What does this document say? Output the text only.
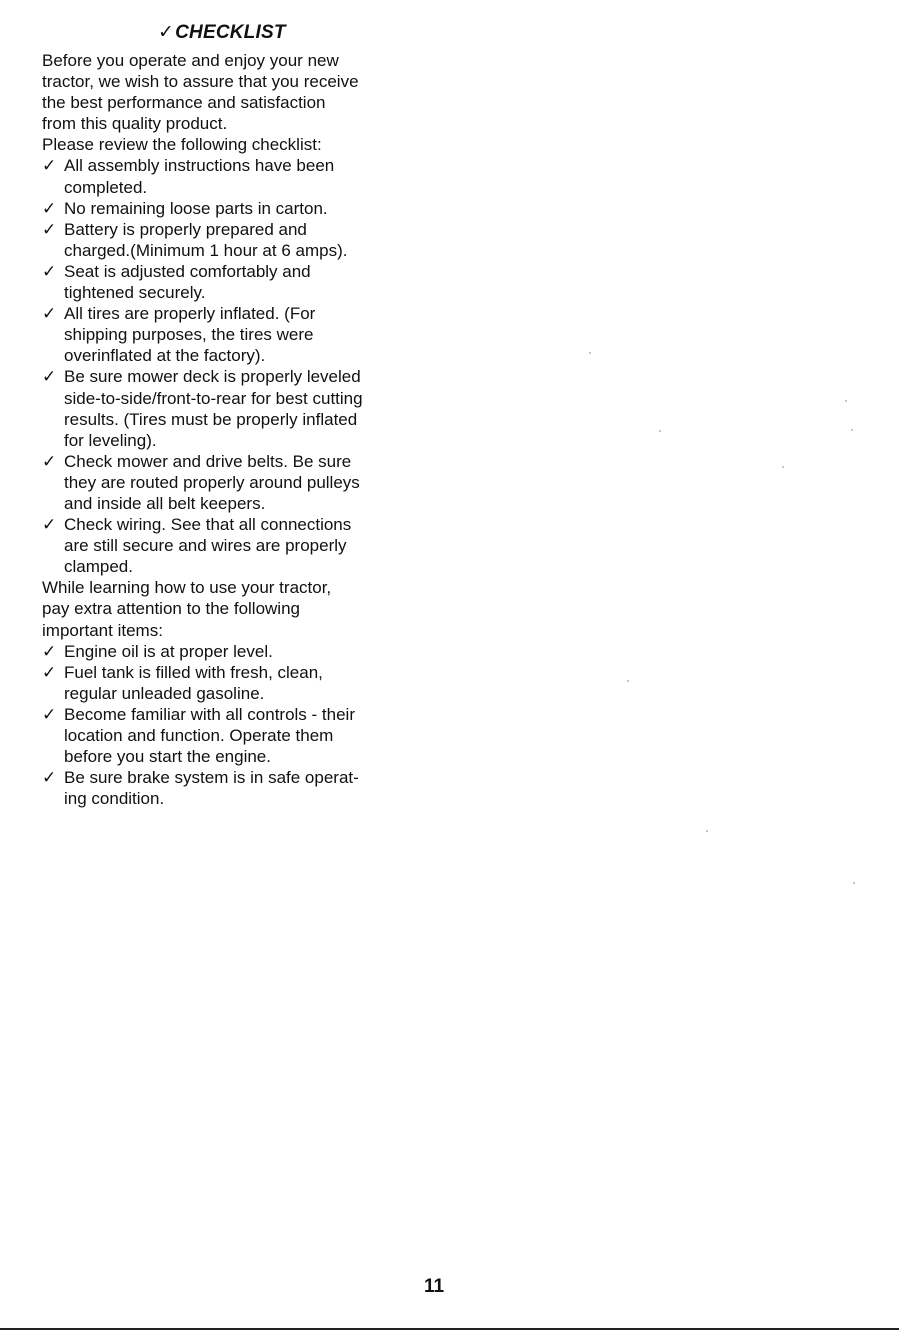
✓CHECKLIST

Before you operate and enjoy your new

tractor, we wish to assure that you receive

the best performance and satisfaction

from this quality product.

Please review the following checklist:

✓ All assembly instructions have been
completed.
✓ No remaining loose parts in carton.
✓ Battery is properly prepared and
charged.(Minimum 1 hour at 6 amps).
✓ Seat is adjusted comfortably and
tightened securely.
✓ All tires are properly inflated. (For
shipping purposes, the tires were
overinflated at the factory).
✓ Be sure mower deck is properly leveled
side-to-side/front-to-rear for best cutting
results. (Tires must be properly inflated
for leveling).
✓ Check mower and drive belts. Be sure
they are routed properly around pulleys
and inside all belt keepers.
✓ Check wiring. See that all connections
are still secure and wires are properly
clamped.

While learning how to use your tractor,

pay extra attention to the following

important items:

✓ Engine oil is at proper level.
✓ Fuel tank is filled with fresh, clean,
regular unleaded gasoline.
✓ Become familiar with all controls - their
location and function. Operate them
before you start the engine.
✓ Be sure brake system is in safe operat-
ing condition.
11
